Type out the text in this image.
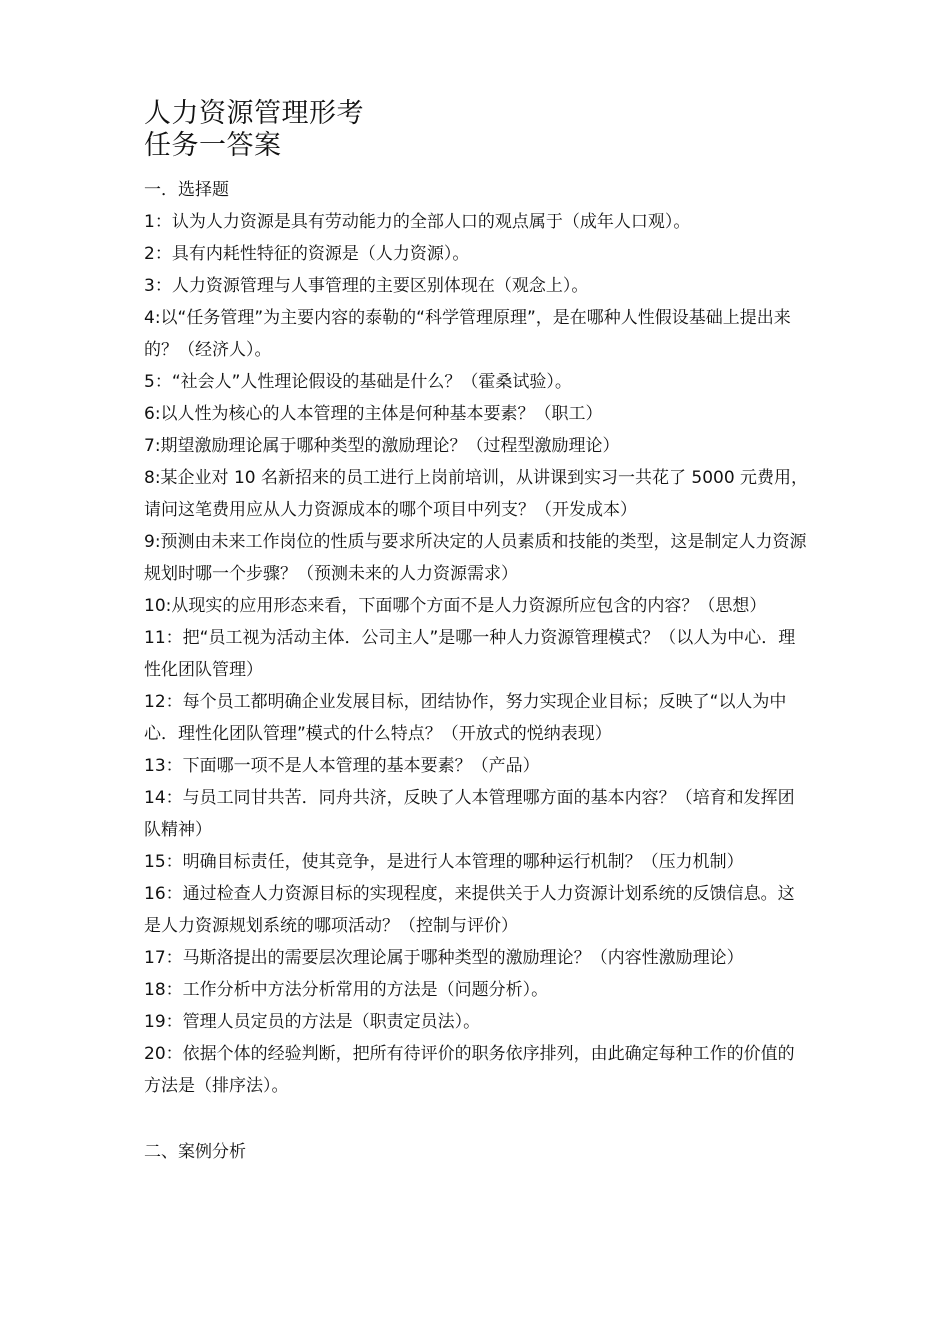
人力资源管理形考
任务一答案
一．选择题
1：认为人力资源是具有劳动能力的全部人口的观点属于（成年人口观）。
2：具有内耗性特征的资源是（人力资源）。
3：人力资源管理与人事管理的主要区别体现在（观念上）。
4:以“任务管理”为主要内容的泰勒的“科学管理原理”，是在哪种人性假设基础上提出来的？（经济人）。
5：“社会人”人性理论假设的基础是什么？（霍桑试验）。
6:以人性为核心的人本管理的主体是何种基本要素？（职工）
7:期望激励理论属于哪种类型的激励理论？（过程型激励理论）
8:某企业对 10 名新招来的员工进行上岗前培训，从讲课到实习一共花了 5000 元费用，请问这笔费用应从人力资源成本的哪个项目中列支？（开发成本）
9:预测由未来工作岗位的性质与要求所决定的人员素质和技能的类型，这是制定人力资源规划时哪一个步骤？（预测未来的人力资源需求）
10:从现实的应用形态来看，下面哪个方面不是人力资源所应包含的内容？（思想）
11：把“员工视为活动主体．公司主人”是哪一种人力资源管理模式？（以人为中心．理性化团队管理）
12：每个员工都明确企业发展目标，团结协作，努力实现企业目标；反映了“以人为中心．理性化团队管理”模式的什么特点？（开放式的悦纳表现）
13：下面哪一项不是人本管理的基本要素？（产品）
14：与员工同甘共苦．同舟共济，反映了人本管理哪方面的基本内容？（培育和发挥团队精神）
15：明确目标责任，使其竞争，是进行人本管理的哪种运行机制？（压力机制）
16：通过检查人力资源目标的实现程度，来提供关于人力资源计划系统的反馈信息。这是人力资源规划系统的哪项活动？（控制与评价）
17：马斯洛提出的需要层次理论属于哪种类型的激励理论？（内容性激励理论）
18：工作分析中方法分析常用的方法是（问题分析）。
19：管理人员定员的方法是（职责定员法）。
20：依据个体的经验判断，把所有待评价的职务依序排列，由此确定每种工作的价值的方法是（排序法）。
二、案例分析
